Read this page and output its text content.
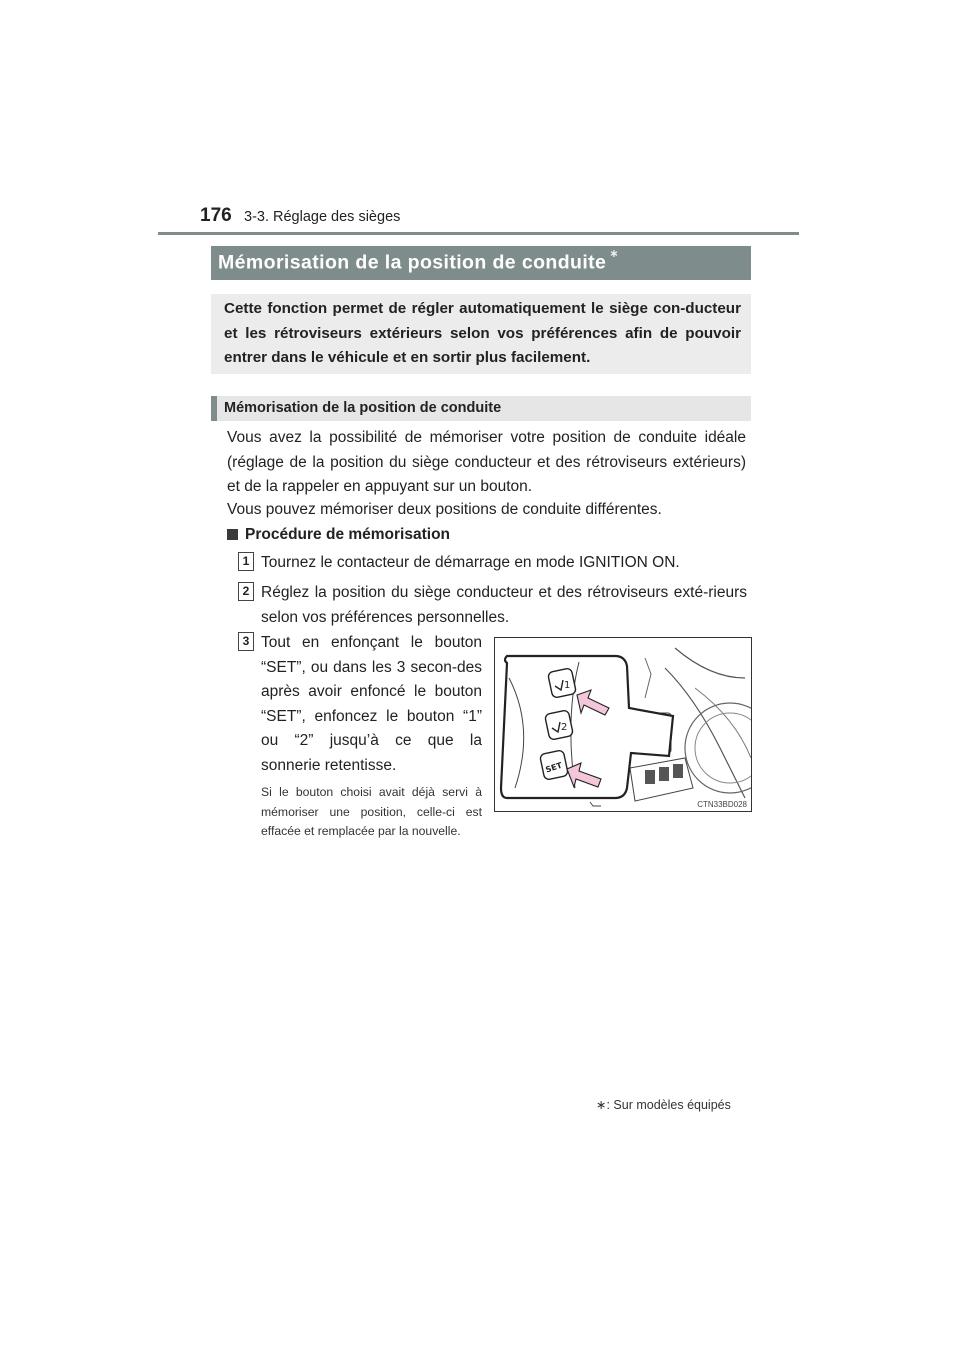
176 3-3. Réglage des sièges
Mémorisation de la position de conduite ∗
Cette fonction permet de régler automatiquement le siège con-ducteur et les rétroviseurs extérieurs selon vos préférences afin de pouvoir entrer dans le véhicule et en sortir plus facilement.
Mémorisation de la position de conduite
Vous avez la possibilité de mémoriser votre position de conduite idéale (réglage de la position du siège conducteur et des rétroviseurs extérieurs) et de la rappeler en appuyant sur un bouton.
Vous pouvez mémoriser deux positions de conduite différentes.
Procédure de mémorisation
1 Tournez le contacteur de démarrage en mode IGNITION ON.
2 Réglez la position du siège conducteur et des rétroviseurs exté-rieurs selon vos préférences personnelles.
3 Tout en enfonçant le bouton “SET”, ou dans les 3 secon-des après avoir enfoncé le bouton “SET”, enfoncez le bouton “1” ou “2” jusqu’à ce que la sonnerie retentisse.
Si le bouton choisi avait déjà servi à mémoriser une position, celle-ci est effacée et remplacée par la nouvelle.
1
2
SET
CTN33BD028
∗: Sur modèles équipés
